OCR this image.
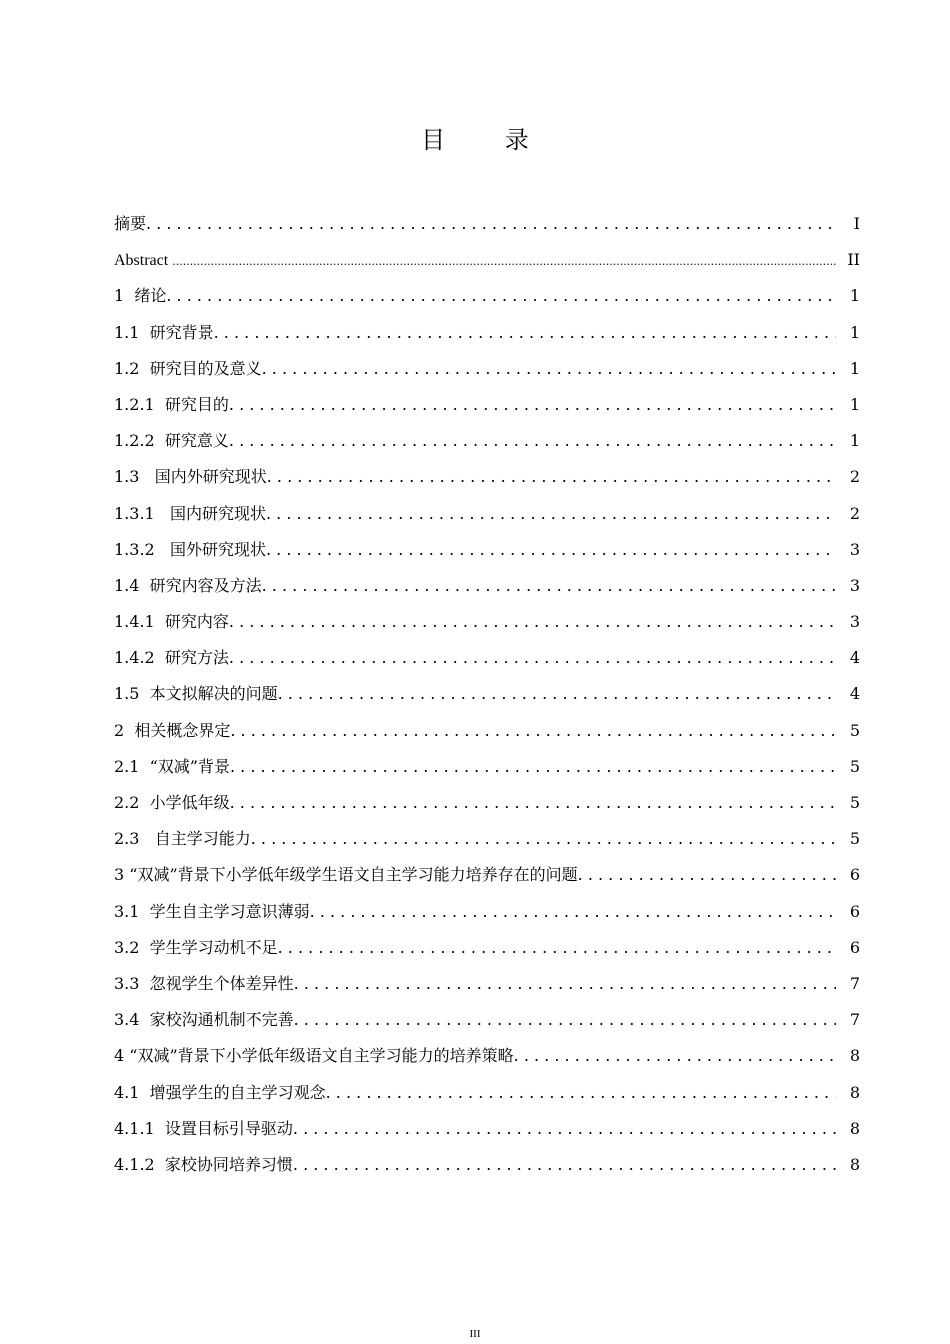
目 录
摘要 . . .	I
Abstract .....	II
1  绪论 . . .	1
1.1  研究背景 . . .	1
1.2  研究目的及意义 . . .	1
1.2.1  研究目的 . . .	1
1.2.2  研究意义 . . .	1
1.3   国内外研究现状 . . .	2
1.3.1   国内研究现状 . . .	2
1.3.2   国外研究现状 . . .	3
1.4  研究内容及方法 . . .	3
1.4.1  研究内容 . . .	3
1.4.2  研究方法 . . .	4
1.5  本文拟解决的问题 . . .	4
2  相关概念界定 . . .	5
2.1  “双减”背景 . . .	5
2.2  小学低年级 . . .	5
2.3   自主学习能力 . . .	5
3 “双减”背景下小学低年级学生语文自主学习能力培养存在的问题 . . .	6
3.1  学生自主学习意识薄弱 . . .	6
3.2  学生学习动机不足 . . .	6
3.3  忽视学生个体差异性 . . .	7
3.4  家校沟通机制不完善 . . .	7
4 “双减”背景下小学低年级语文自主学习能力的培养策略 . . .	8
4.1  增强学生的自主学习观念 . . .	8
4.1.1  设置目标引导驱动 . . .	8
4.1.2  家校协同培养习惯 . . .	8
III
